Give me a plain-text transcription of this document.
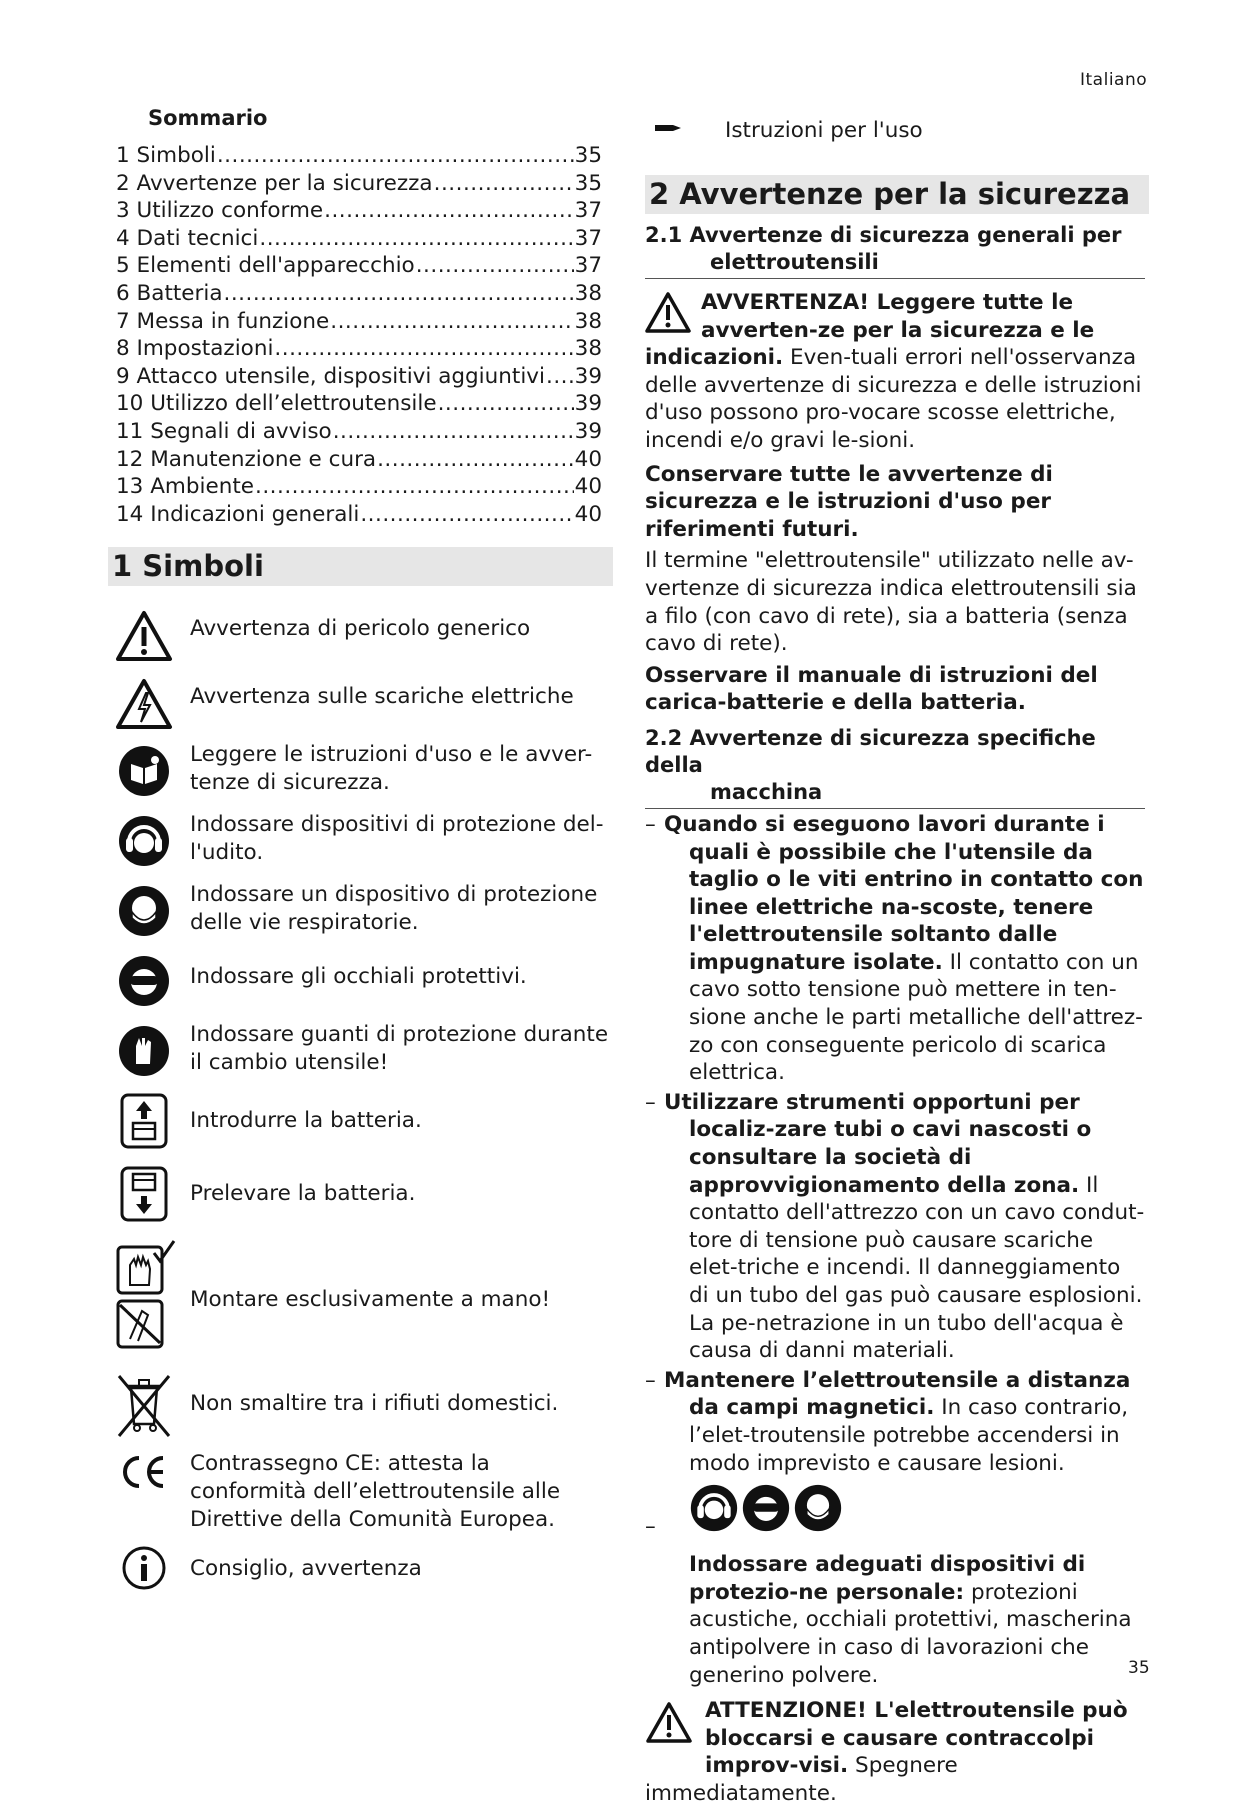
Italiano
35
Sommario
1 Simboli .....	35
2 Avvertenze per la sicurezza .....	35
3 Utilizzo conforme .....	37
4 Dati tecnici .....	37
5 Elementi dell'apparecchio .....	37
6 Batteria .....	38
7 Messa in funzione .....	38
8 Impostazioni .....	38
9 Attacco utensile, dispositivi aggiuntivi ..... 39
10 Utilizzo dell’elettroutensile .....	39
11 Segnali di avviso .....	39
12 Manutenzione e cura .....	40
13 Ambiente .....	40
14 Indicazioni generali .....	40
1 Simboli
Avvertenza di pericolo generico
Avvertenza sulle scariche elettriche
Leggere le istruzioni d'uso e le avver-tenze di sicurezza.
Indossare dispositivi di protezione del-l'udito.
Indossare un dispositivo di protezione delle vie respiratorie.
Indossare gli occhiali protettivi.
Indossare guanti di protezione durante il cambio utensile!
Introdurre la batteria.
Prelevare la batteria.
Montare esclusivamente a mano!
Non smaltire tra i rifiuti domestici.
Contrassegno CE: attesta la conformità dell’elettroutensile alle Direttive della Comunità Europea.
Consiglio, avvertenza
Istruzioni per l'uso
2 Avvertenze per la sicurezza
2.1 Avvertenze di sicurezza generali per
elettroutensili

AVVERTENZA! Leggere tutte le avverten-ze per la sicurezza e le indicazioni. Even-tuali errori nell'osservanza delle avvertenze di sicurezza e delle istruzioni d'uso possono pro-vocare scosse elettriche, incendi e/o gravi le-sioni.

Conservare tutte le avvertenze di sicurezza e le istruzioni d'uso per riferimenti futuri.

Il termine "elettroutensile" utilizzato nelle av-vertenze di sicurezza indica elettroutensili sia a filo (con cavo di rete), sia a batteria (senza cavo di rete).

Osservare il manuale di istruzioni del carica-batterie e della batteria.

2.2 Avvertenze di sicurezza specifiche della
macchina
– Quando si eseguono lavori durante i quali è possibile che l'utensile da taglio o le viti entrino in contatto con linee elettriche na-scoste, tenere l'elettroutensile soltanto dalle impugnature isolate. Il contatto con un cavo sotto tensione può mettere in ten-sione anche le parti metalliche dell'attrez-zo con conseguente pericolo di scarica elettrica.

– Utilizzare strumenti opportuni per localiz-zare tubi o cavi nascosti o consultare la società di approvvigionamento della zona. Il contatto dell'attrezzo con un cavo condut-tore di tensione può causare scariche elet-triche e incendi. Il danneggiamento di un tubo del gas può causare esplosioni. La pe-netrazione in un tubo dell'acqua è causa di danni materiali.

– Mantenere l’elettroutensile a distanza da campi magnetici. In caso contrario, l’elet-troutensile potrebbe accendersi in modo imprevisto e causare lesioni.

–

Indossare adeguati dispositivi di protezio-ne personale: protezioni acustiche, occhiali protettivi, mascherina antipolvere in caso di lavorazioni che generino polvere.

ATTENZIONE! L'elettroutensile può bloccarsi e causare contraccolpi improv-visi. Spegnere immediatamente.
